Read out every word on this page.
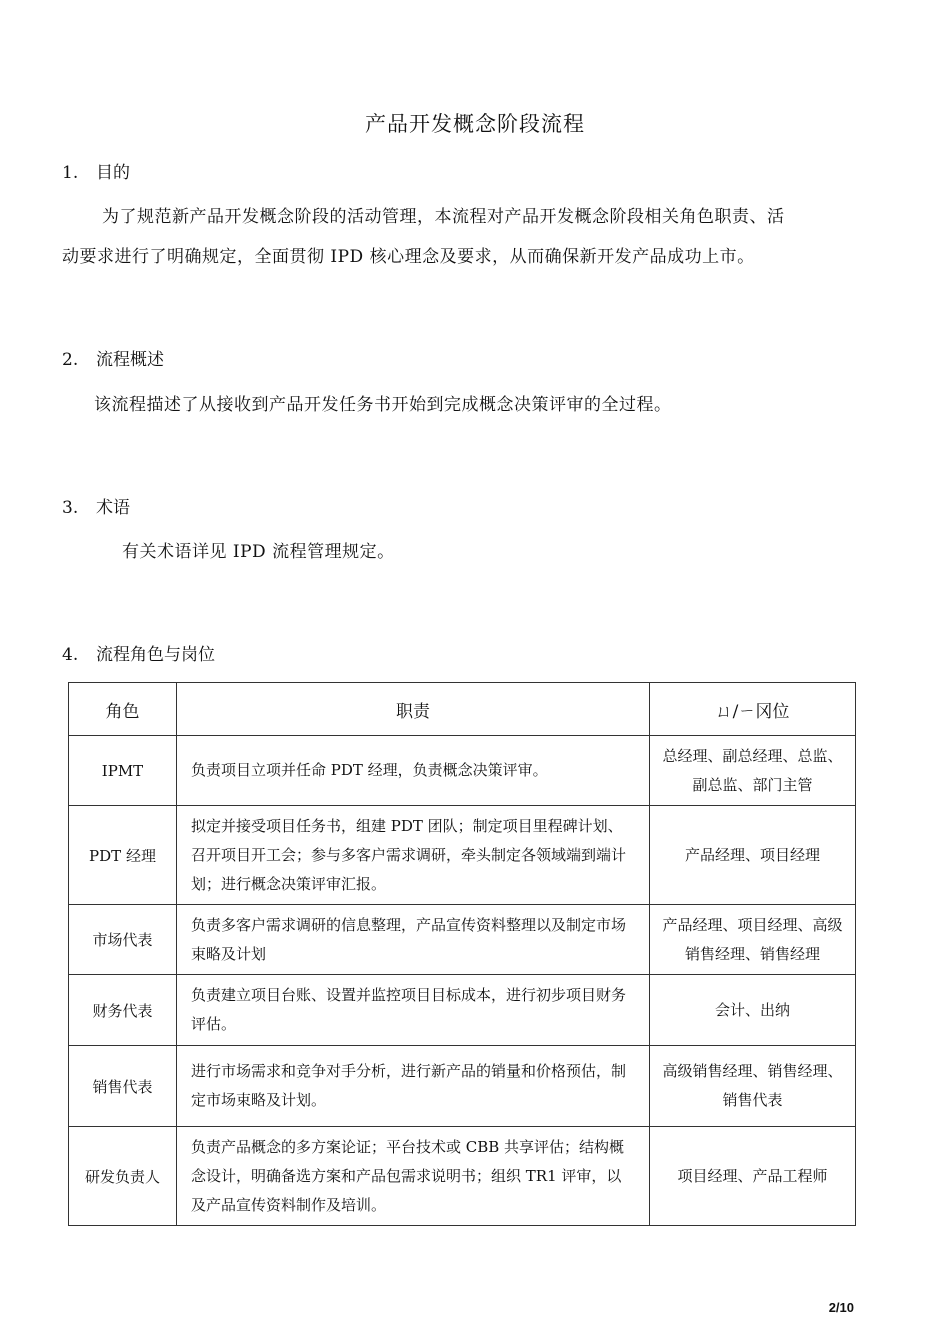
产品开发概念阶段流程
1. 目的
为了规范新产品开发概念阶段的活动管理，本流程对产品开发概念阶段相关角色职责、活
动要求进行了明确规定，全面贯彻 IPD 核心理念及要求，从而确保新开发产品成功上市。
2. 流程概述
该流程描述了从接收到产品开发任务书开始到完成概念决策评审的全过程。
3. 术语
有关术语详见 IPD 流程管理规定。
4. 流程角色与岗位
角色	职责	ㄩ/ㄧ冈位
IPMT	负责项目立项并任命 PDT 经理，负责概念决策评审。	总经理、副总经理、总监、副总监、部门主管
PDT 经理	拟定并接受项目任务书，组建 PDT 团队；制定项目里程碑计划、召开项目开工会；参与多客户需求调研，牵头制定各领域端到端计划；进行概念决策评审汇报。	产品经理、项目经理
市场代表	负责多客户需求调研的信息整理，产品宣传资料整理以及制定市场束略及计划	产品经理、项目经理、高级销售经理、销售经理
财务代表	负责建立项目台账、设置并监控项目目标成本，进行初步项目财务评估。	会计、出纳
销售代表	进行市场需求和竞争对手分析，进行新产品的销量和价格预估，制定市场束略及计划。	高级销售经理、销售经理、销售代表
研发负责人	负责产品概念的多方案论证；平台技术或 CBB 共享评估；结构概念设计，明确备选方案和产品包需求说明书；组织 TR1 评审，以及产品宣传资料制作及培训。	项目经理、产品工程师
2/10
